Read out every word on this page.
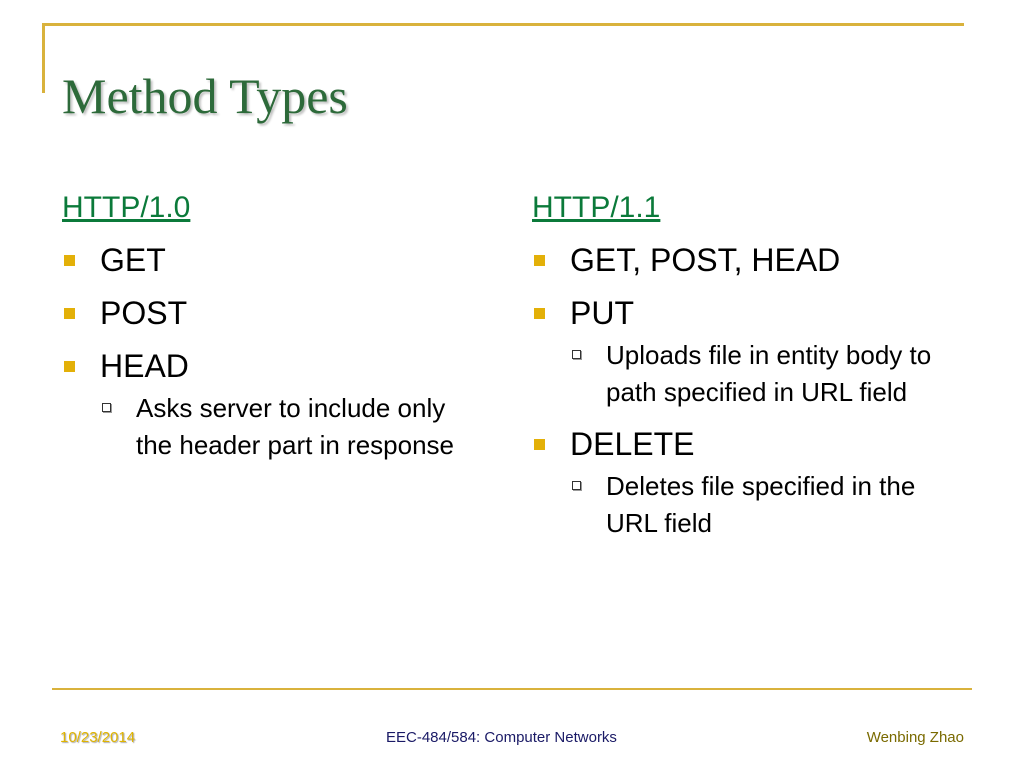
Method Types
HTTP/1.0
GET
POST
HEAD
Asks server to include only the header part in response
HTTP/1.1
GET, POST, HEAD
PUT
Uploads file in entity body to path specified in URL field
DELETE
Deletes file specified in the URL field
10/23/2014	EEC-484/584: Computer Networks	Wenbing Zhao
